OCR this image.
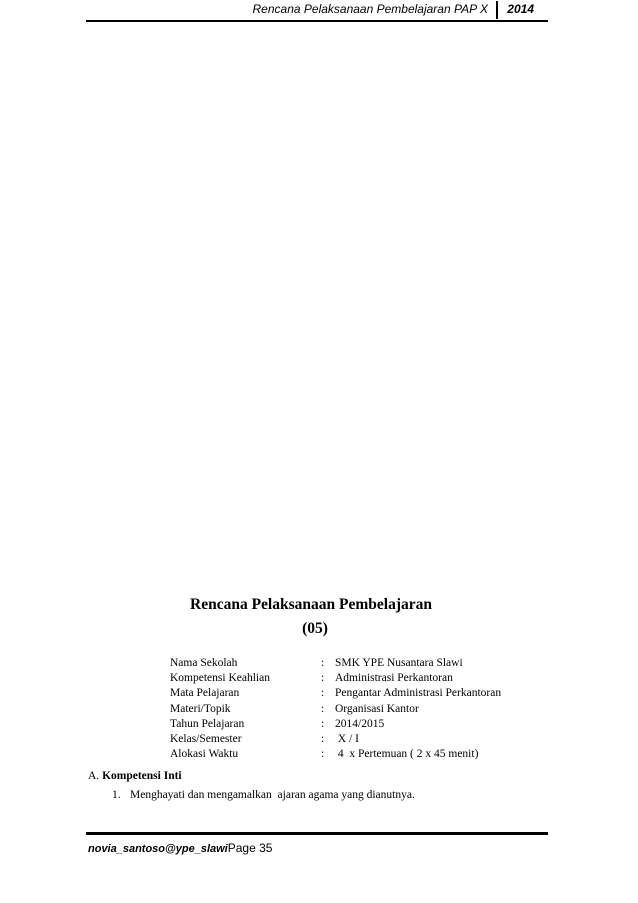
Rencana Pelaksanaan Pembelajaran PAP X 2014
Rencana Pelaksanaan Pembelajaran
(05)
Nama Sekolah	: SMK YPE Nusantara Slawi
Kompetensi Keahlian	: Administrasi Perkantoran
Mata Pelajaran	: Pengantar Administrasi Perkantoran
Materi/Topik	: Organisasi Kantor
Tahun Pelajaran	: 2014/2015
Kelas/Semester	: X / I
Alokasi Waktu	: 4  x Pertemuan ( 2 x 45 menit)
A. Kompetensi Inti
1. Menghayati dan mengamalkan  ajaran agama yang dianutnya.
novia_santoso@ype_slawiPage 35
